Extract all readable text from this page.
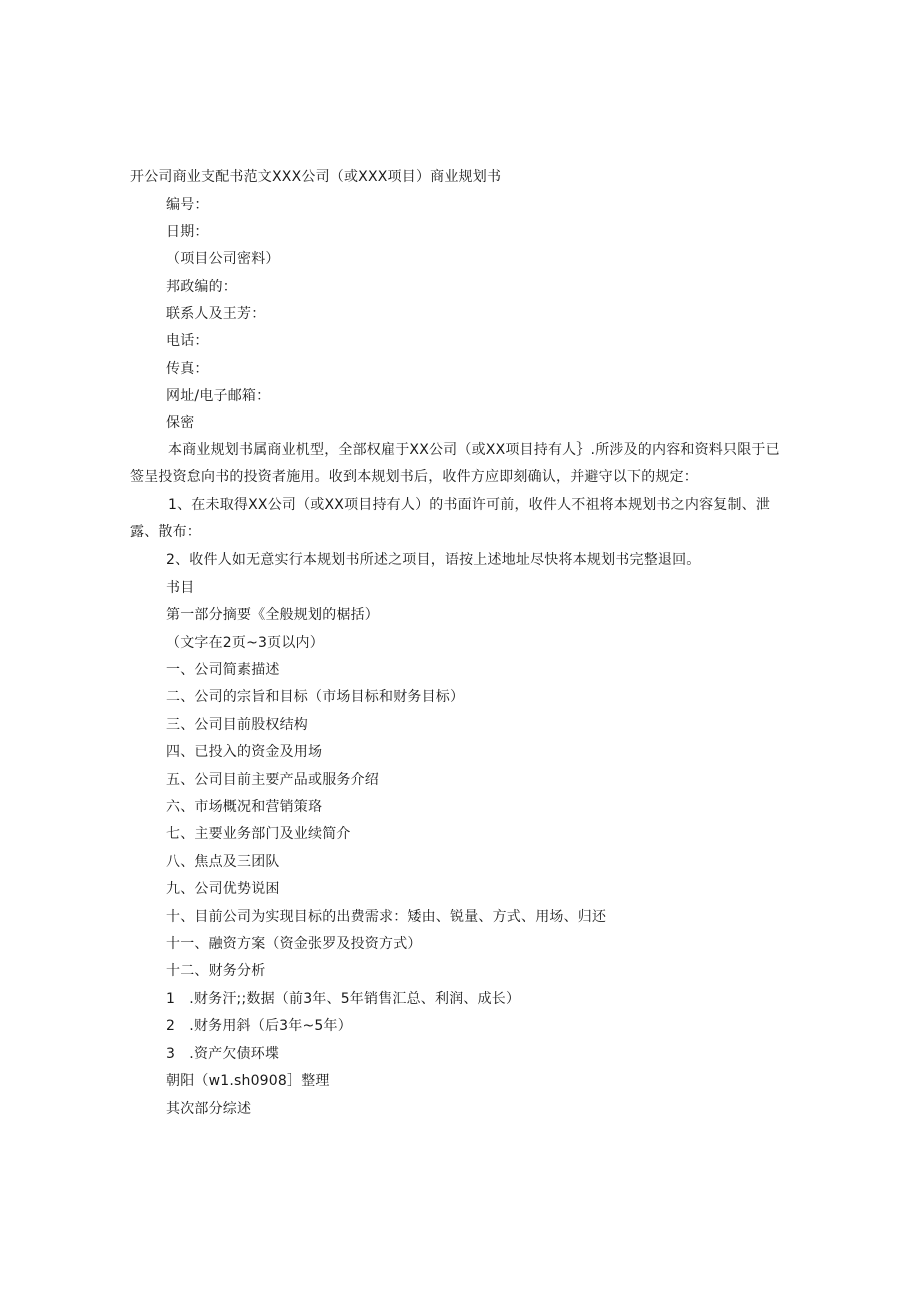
开公司商业支配书范文XXX公司（或XXX项目）商业规划书
编号：
日期：
（项目公司密料）
邦政编的：
联系人及王芳：
电话：
传真：
网址/电子邮箱：
保密
本商业规划书属商业机型，全部权雇于XX公司（或XX项目持有人｝.所涉及的内容和资料只限于已签呈投资怠向书的投资者施用。收到本规划书后，收件方应即刻确认，并避守以下的规定：
1、在未取得XX公司（或XX项目持有人）的书面许可前，收件人不祖将本规划书之内容复制、泄露、散布：
2、收件人如无意实行本规划书所述之项目，语按上述地址尽快将本规划书完整退回。
书目
第一部分摘要《全般规划的椐括）
（文字在2页~3页以内）
一、公司简素描述
二、公司的宗旨和目标（市场目标和财务目标）
三、公司目前股权结构
四、已投入的资金及用场
五、公司目前主要产品或服务介绍
六、市场概况和营销策珞
七、主要业务部门及业续简介
八、焦点及三团队
九、公司优势说困
十、目前公司为实现目标的出费需求：矮由、锐量、方式、用场、归还
十一、融资方案（资金张罗及投资方式）
十二、财务分析
1　.财务汗;;数据（前3年、5年销售汇总、利润、成长）
2　.财务用斜（后3年~5年）
3　.资产欠债环堞
朝阳（w1.sh0908］整理
其次部分综述
